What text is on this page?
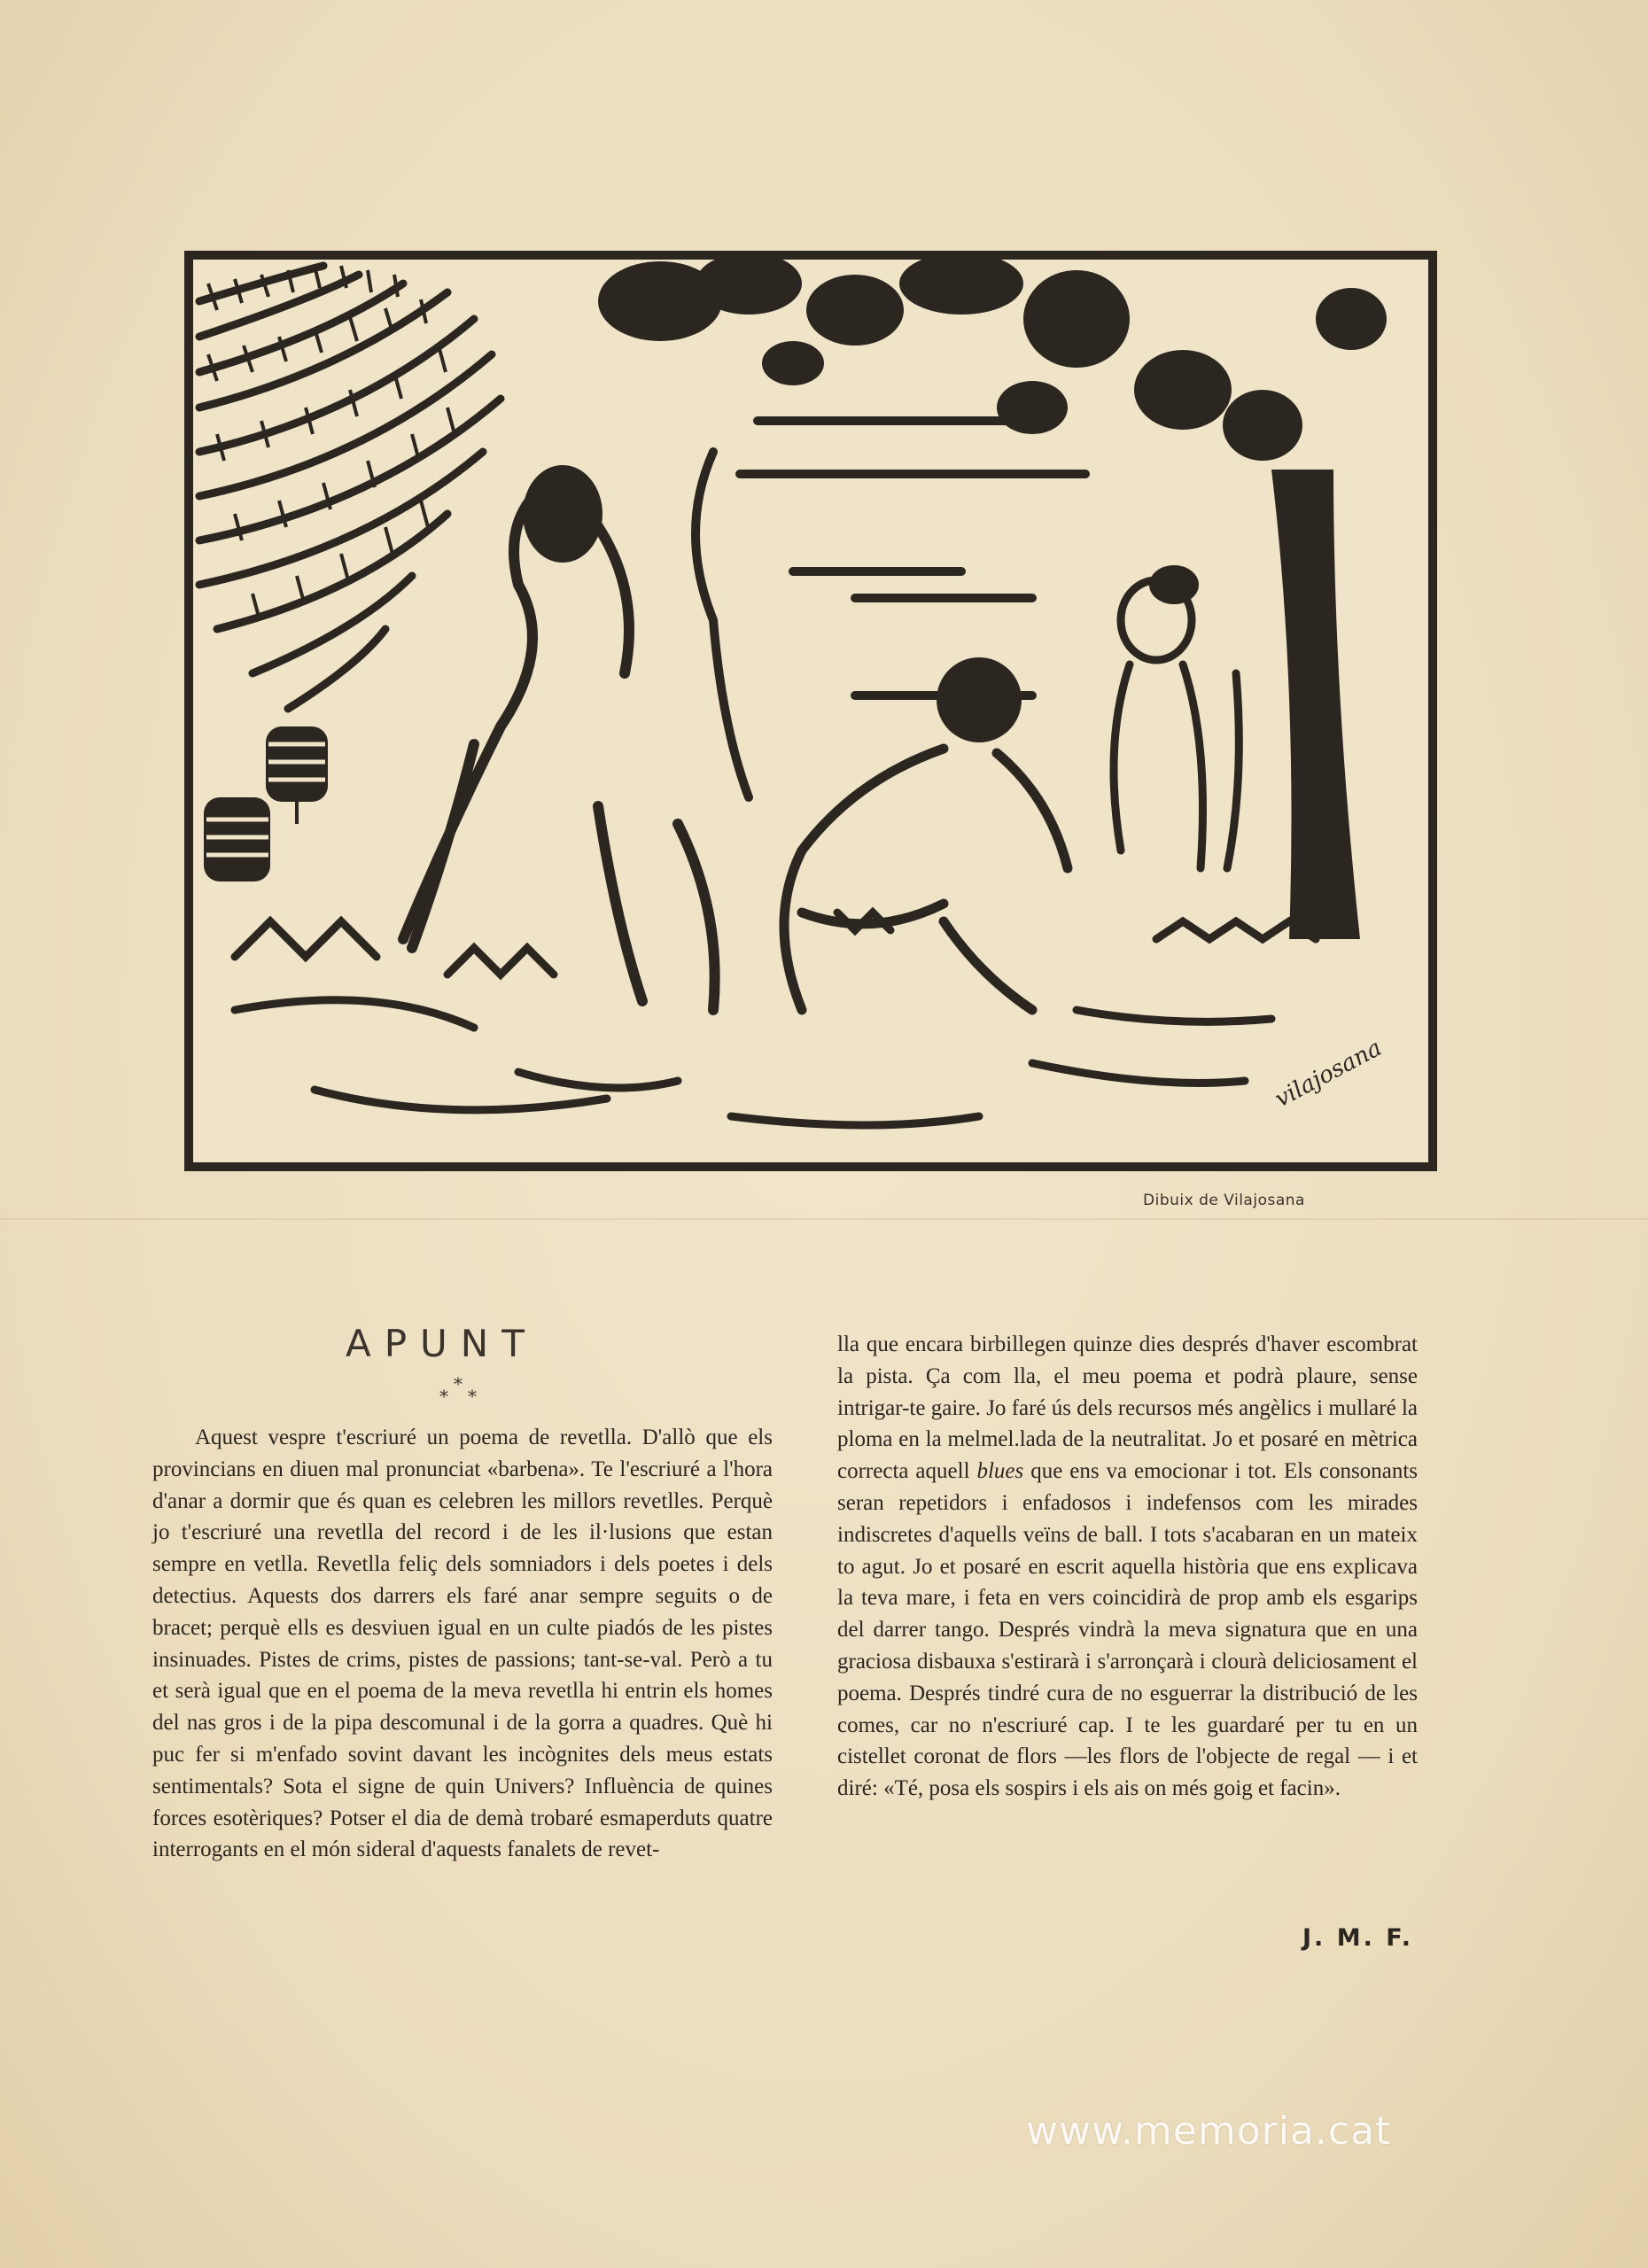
vilajosana
Dibuix de Vilajosana
APUNT
*
* *

Aquest vespre t'escriuré un poema de revetlla. D'allò que els provincians en diuen mal pronunciat «barbena». Te l'escriuré a l'hora d'anar a dormir que és quan es celebren les millors revetlles. Perquè jo t'escriuré una revetlla del record i de les il·lusions que estan sempre en vetlla. Revetlla feliç dels somniadors i dels poetes i dels detectius. Aquests dos darrers els faré anar sempre seguits o de bracet; perquè ells es desviuen igual en un culte piadós de les pistes insinuades. Pistes de crims, pistes de passions; tant-se-val. Però a tu et serà igual que en el poema de la meva revetlla hi entrin els homes del nas gros i de la pipa descomunal i de la gorra a quadres. Què hi puc fer si m'enfado sovint davant les incògnites dels meus estats sentimentals? Sota el signe de quin Univers? Influència de quines forces esotèriques? Potser el dia de demà trobaré esmaperduts quatre interrogants en el món sideral d'aquests fanalets de revet-

lla que encara birbillegen quinze dies després d'haver escombrat la pista. Ça com lla, el meu poema et podrà plaure, sense intrigar-te gaire. Jo faré ús dels recursos més angèlics i mullaré la ploma en la melmel.lada de la neutralitat. Jo et posaré en mètrica correcta aquell blues que ens va emocionar i tot. Els consonants seran repetidors i enfadosos i indefensos com les mirades indiscretes d'aquells veïns de ball. I tots s'acabaran en un mateix to agut. Jo et posaré en escrit aquella història que ens explicava la teva mare, i feta en vers coincidirà de prop amb els esgarips del darrer tango. Després vindrà la meva signatura que en una graciosa disbauxa s'estirarà i s'arronçarà i clourà deliciosament el poema. Després tindré cura de no esguerrar la distribució de les comes, car no n'escriuré cap. I te les guardaré per tu en un cistellet coronat de flors —les flors de l'objecte de regal — i et diré: «Té, posa els sospirs i els ais on més goig et facin».

J. M. F.
www.memoria.cat
